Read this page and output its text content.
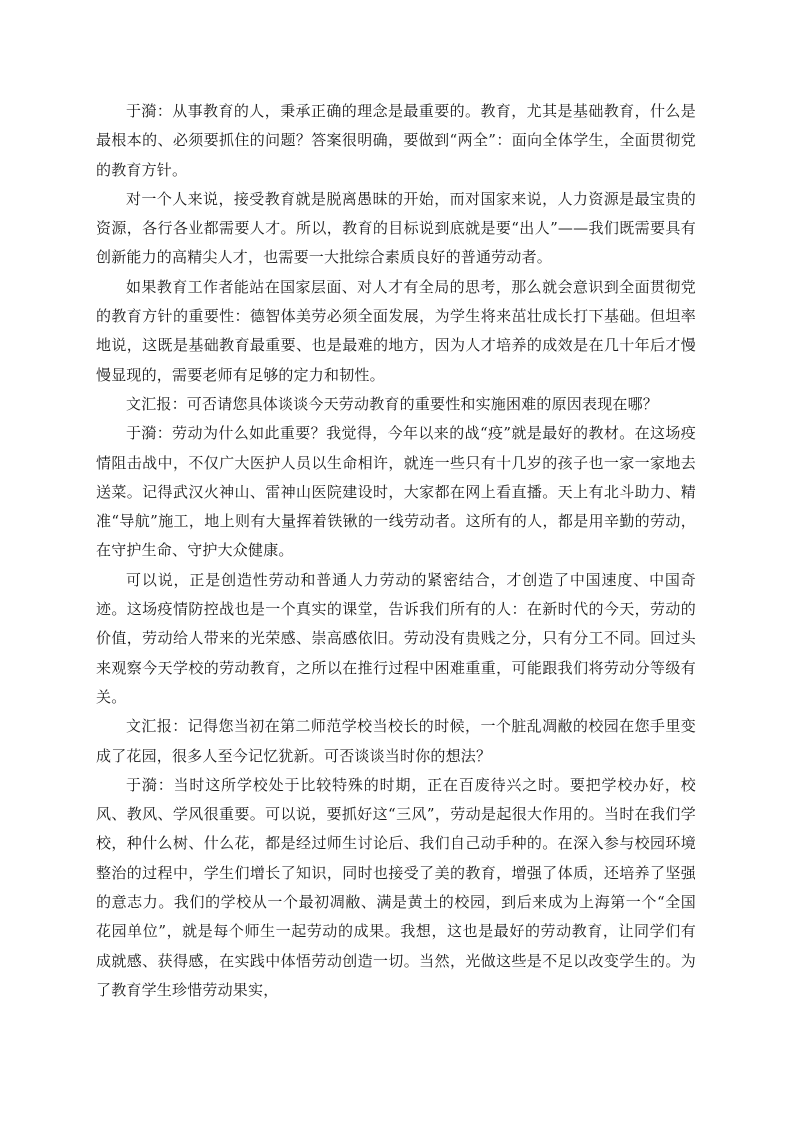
于漪：从事教育的人，秉承正确的理念是最重要的。教育，尤其是基础教育，什么是最根本的、必须要抓住的问题？答案很明确，要做到“两全”：面向全体学生，全面贯彻党的教育方针。

对一个人来说，接受教育就是脱离愚昧的开始，而对国家来说，人力资源是最宝贵的资源，各行各业都需要人才。所以，教育的目标说到底就是要“出人”——我们既需要具有创新能力的高精尖人才，也需要一大批综合素质良好的普通劳动者。

如果教育工作者能站在国家层面、对人才有全局的思考，那么就会意识到全面贯彻党的教育方针的重要性：德智体美劳必须全面发展，为学生将来茁壮成长打下基础。但坦率地说，这既是基础教育最重要、也是最难的地方，因为人才培养的成效是在几十年后才慢慢显现的，需要老师有足够的定力和韧性。

文汇报：可否请您具体谈谈今天劳动教育的重要性和实施困难的原因表现在哪？

于漪：劳动为什么如此重要？我觉得，今年以来的战“疫”就是最好的教材。在这场疫情阻击战中，不仅广大医护人员以生命相许，就连一些只有十几岁的孩子也一家一家地去送菜。记得武汉火神山、雷神山医院建设时，大家都在网上看直播。天上有北斗助力、精准“导航”施工，地上则有大量挥着铁锹的一线劳动者。这所有的人，都是用辛勤的劳动，在守护生命、守护大众健康。

可以说，正是创造性劳动和普通人力劳动的紧密结合，才创造了中国速度、中国奇迹。这场疫情防控战也是一个真实的课堂，告诉我们所有的人：在新时代的今天，劳动的价值，劳动给人带来的光荣感、崇高感依旧。劳动没有贵贱之分，只有分工不同。回过头来观察今天学校的劳动教育，之所以在推行过程中困难重重，可能跟我们将劳动分等级有关。

文汇报：记得您当初在第二师范学校当校长的时候，一个脏乱凋敝的校园在您手里变成了花园，很多人至今记忆犹新。可否谈谈当时你的想法？

于漪：当时这所学校处于比较特殊的时期，正在百废待兴之时。要把学校办好，校风、教风、学风很重要。可以说，要抓好这“三风”，劳动是起很大作用的。当时在我们学校，种什么树、什么花，都是经过师生讨论后、我们自己动手种的。在深入参与校园环境整治的过程中，学生们增长了知识，同时也接受了美的教育，增强了体质，还培养了坚强的意志力。我们的学校从一个最初凋敝、满是黄土的校园，到后来成为上海第一个“全国花园单位”，就是每个师生一起劳动的成果。我想，这也是最好的劳动教育，让同学们有成就感、获得感，在实践中体悟劳动创造一切。当然，光做这些是不足以改变学生的。为了教育学生珍惜劳动果实，
